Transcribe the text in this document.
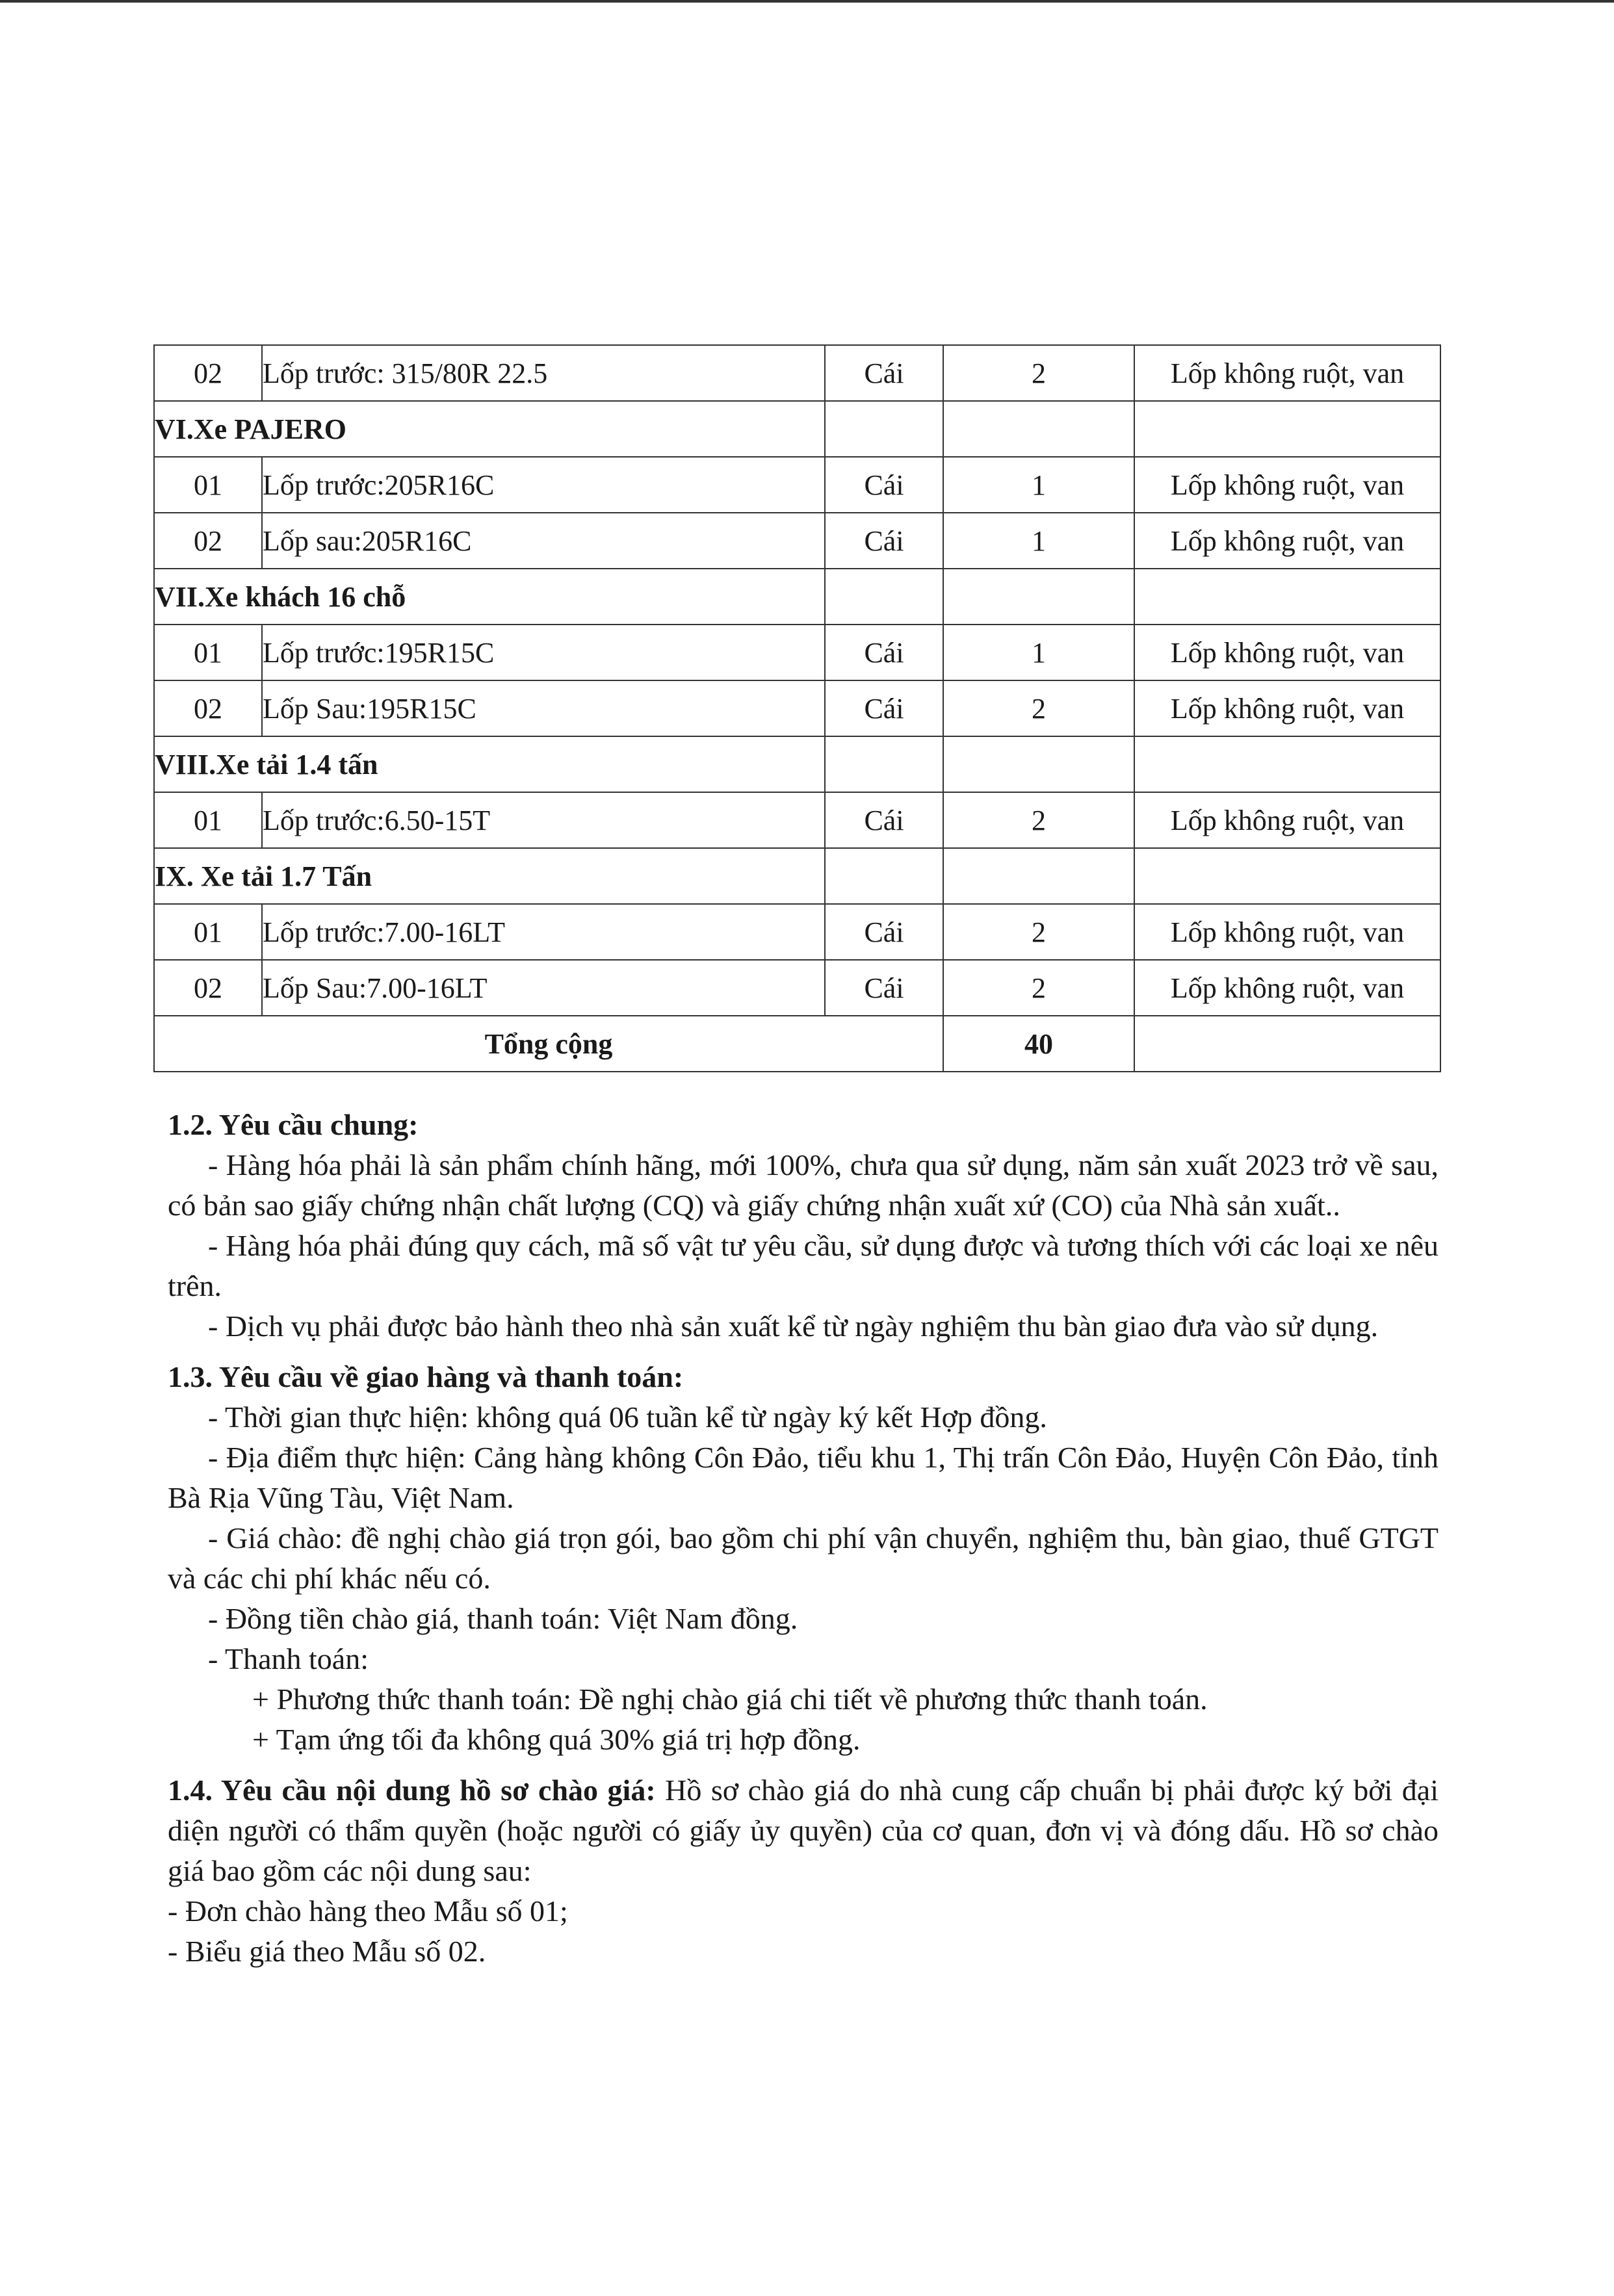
02	Lốp trước: 315/80R 22.5	Cái	2	Lốp không ruột, van
VI.Xe PAJERO				
01	Lốp trước:205R16C	Cái	1	Lốp không ruột, van
02	Lốp sau:205R16C	Cái	1	Lốp không ruột, van
VII.Xe khách 16 chỗ				
01	Lốp trước:195R15C	Cái	1	Lốp không ruột, van
02	Lốp Sau:195R15C	Cái	2	Lốp không ruột, van
VIII.Xe tải 1.4 tấn				
01	Lốp trước:6.50-15T	Cái	2	Lốp không ruột, van
IX. Xe tải 1.7 Tấn				
01	Lốp trước:7.00-16LT	Cái	2	Lốp không ruột, van
02	Lốp Sau:7.00-16LT	Cái	2	Lốp không ruột, van
Tổng cộng			40	

1.2. Yêu cầu chung:

- Hàng hóa phải là sản phẩm chính hãng, mới 100%, chưa qua sử dụng, năm sản xuất 2023 trở về sau, có bản sao giấy chứng nhận chất lượng (CQ) và giấy chứng nhận xuất xứ (CO) của Nhà sản xuất..

- Hàng hóa phải đúng quy cách, mã số vật tư yêu cầu, sử dụng được và tương thích với các loại xe nêu trên.

- Dịch vụ phải được bảo hành theo nhà sản xuất kể từ ngày nghiệm thu bàn giao đưa vào sử dụng.

1.3. Yêu cầu về giao hàng và thanh toán:

- Thời gian thực hiện: không quá 06 tuần kể từ ngày ký kết Hợp đồng.

- Địa điểm thực hiện: Cảng hàng không Côn Đảo, tiểu khu 1, Thị trấn Côn Đảo, Huyện Côn Đảo, tỉnh Bà Rịa Vũng Tàu, Việt Nam.

- Giá chào: đề nghị chào giá trọn gói, bao gồm chi phí vận chuyển, nghiệm thu, bàn giao, thuế GTGT và các chi phí khác nếu có.

- Đồng tiền chào giá, thanh toán: Việt Nam đồng.

- Thanh toán:

+ Phương thức thanh toán: Đề nghị chào giá chi tiết về phương thức thanh toán.

+ Tạm ứng tối đa không quá 30% giá trị hợp đồng.

1.4. Yêu cầu nội dung hồ sơ chào giá: Hồ sơ chào giá do nhà cung cấp chuẩn bị phải được ký bởi đại diện người có thẩm quyền (hoặc người có giấy ủy quyền) của cơ quan, đơn vị và đóng dấu. Hồ sơ chào giá bao gồm các nội dung sau:

- Đơn chào hàng theo Mẫu số 01;

- Biểu giá theo Mẫu số 02.
